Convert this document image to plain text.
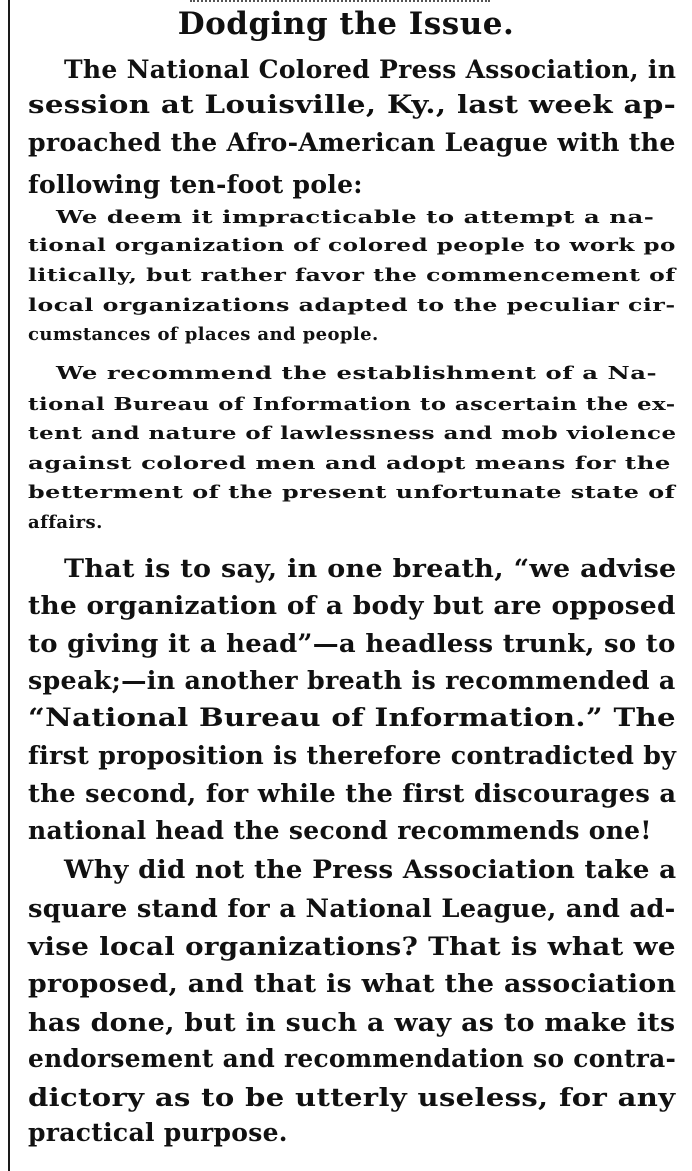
Dodging the Issue.
The National Colored Press Association, in
session at Louisville, Ky., last week ap-
proached the Afro-American League with the
following ten-foot pole:
We deem it impracticable to attempt a na-
tional organization of colored people to work po
litically, but rather favor the commencement of
local organizations adapted to the peculiar cir-
cumstances of places and people.
We recommend the establishment of a Na-
tional Bureau of Information to ascertain the ex-
tent and nature of lawlessness and mob violence
against colored men and adopt means for the
betterment of the present unfortunate state of
affairs.
That is to say, in one breath, “we advise
the organization of a body but are opposed
to giving it a head”—a headless trunk, so to
speak;—in another breath is recommended a
“National Bureau of Information.” The
first proposition is therefore contradicted by
the second, for while the first discourages a
national head the second recommends one!
Why did not the Press Association take a
square stand for a National League, and ad-
vise local organizations? That is what we
proposed, and that is what the association
has done, but in such a way as to make its
endorsement and recommendation so contra-
dictory as to be utterly useless, for any
practical purpose.
